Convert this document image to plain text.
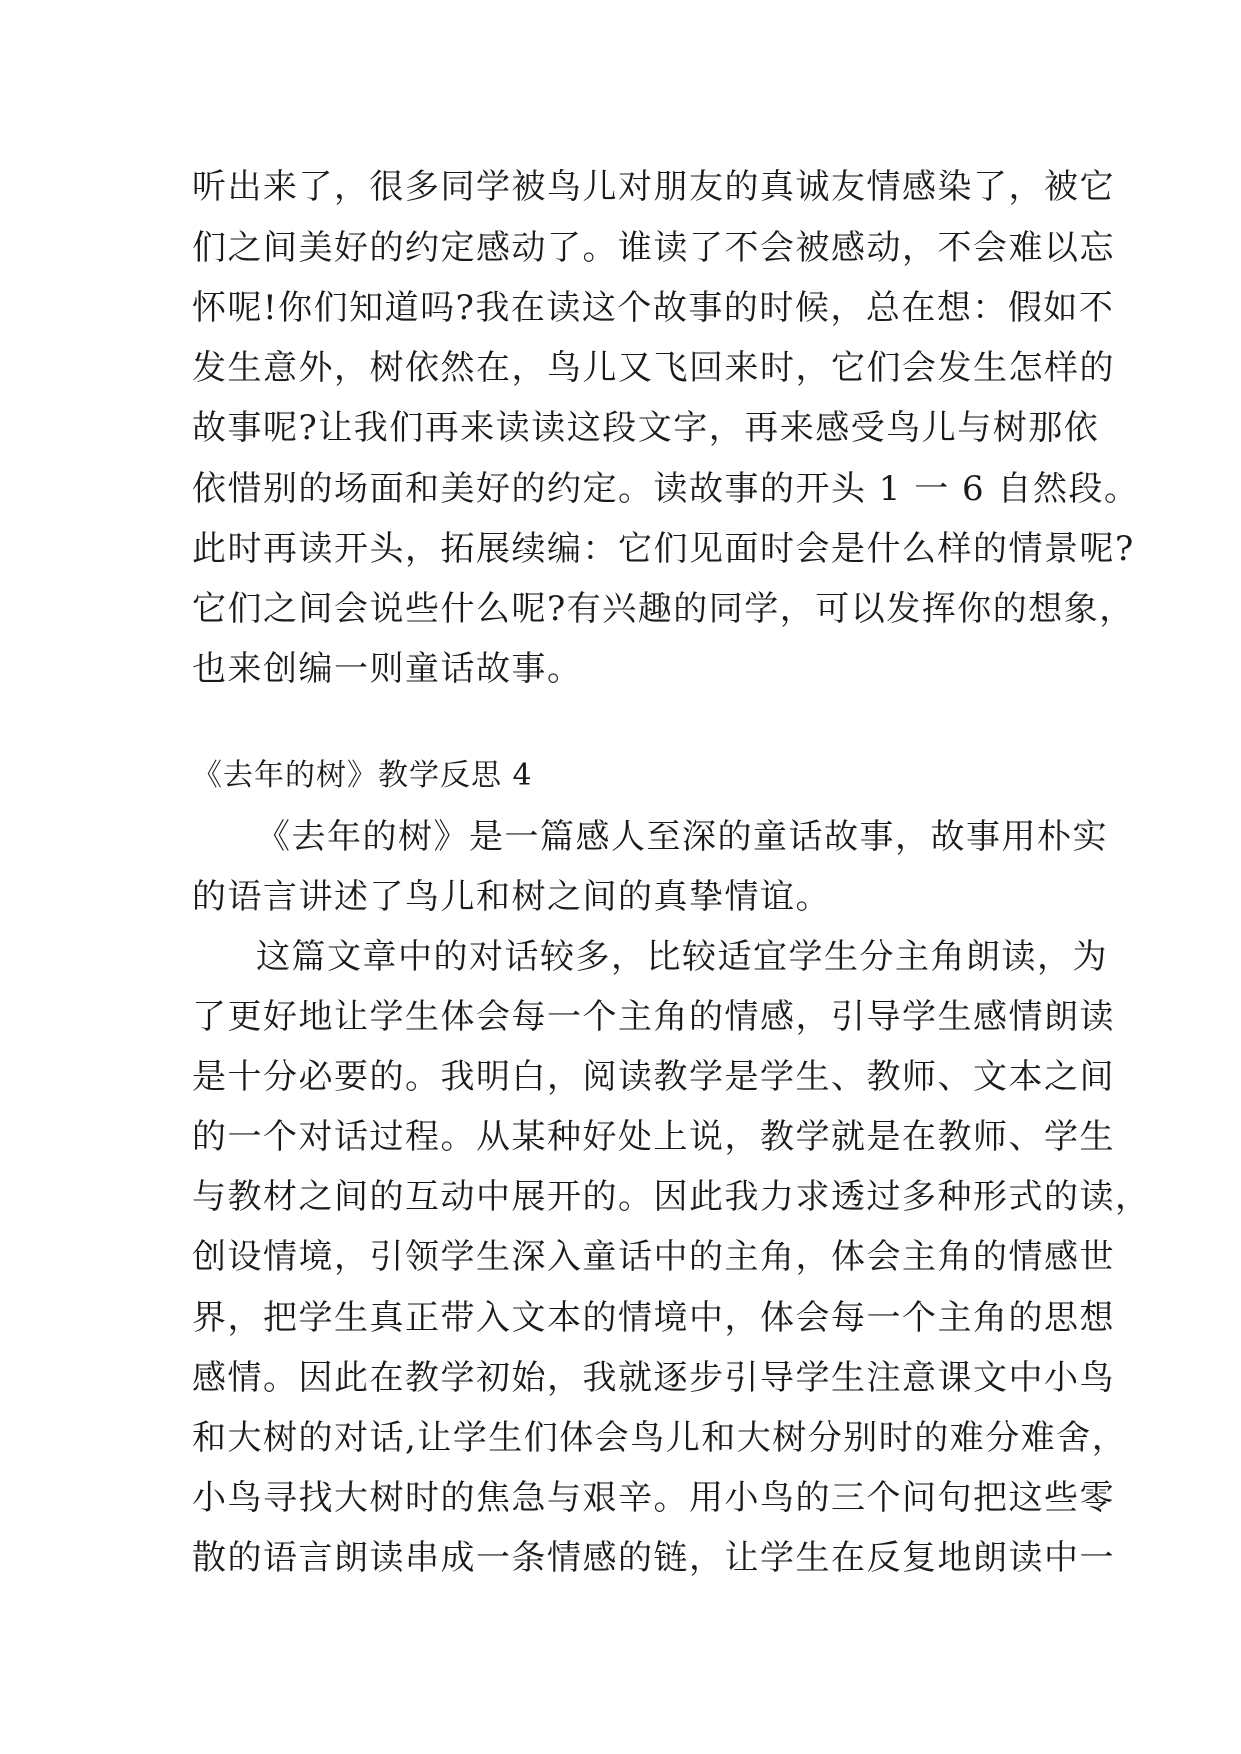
听出来了，很多同学被鸟儿对朋友的真诚友情感染了，被它
们之间美好的约定感动了。谁读了不会被感动，不会难以忘
怀呢!你们知道吗?我在读这个故事的时候，总在想：假如不
发生意外，树依然在，鸟儿又飞回来时，它们会发生怎样的
故事呢?让我们再来读读这段文字，再来感受鸟儿与树那依
依惜别的场面和美好的约定。读故事的开头 1 一 6 自然段。
此时再读开头，拓展续编：它们见面时会是什么样的情景呢?
它们之间会说些什么呢?有兴趣的同学，可以发挥你的想象，
也来创编一则童话故事。
《去年的树》教学反思 4
《去年的树》是一篇感人至深的童话故事，故事用朴实
的语言讲述了鸟儿和树之间的真挚情谊。
这篇文章中的对话较多，比较适宜学生分主角朗读，为
了更好地让学生体会每一个主角的情感，引导学生感情朗读
是十分必要的。我明白，阅读教学是学生、教师、文本之间
的一个对话过程。从某种好处上说，教学就是在教师、学生
与教材之间的互动中展开的。因此我力求透过多种形式的读，
创设情境，引领学生深入童话中的主角，体会主角的情感世
界，把学生真正带入文本的情境中，体会每一个主角的思想
感情。因此在教学初始，我就逐步引导学生注意课文中小鸟
和大树的对话,让学生们体会鸟儿和大树分别时的难分难舍，
小鸟寻找大树时的焦急与艰辛。用小鸟的三个问句把这些零
散的语言朗读串成一条情感的链，让学生在反复地朗读中一
